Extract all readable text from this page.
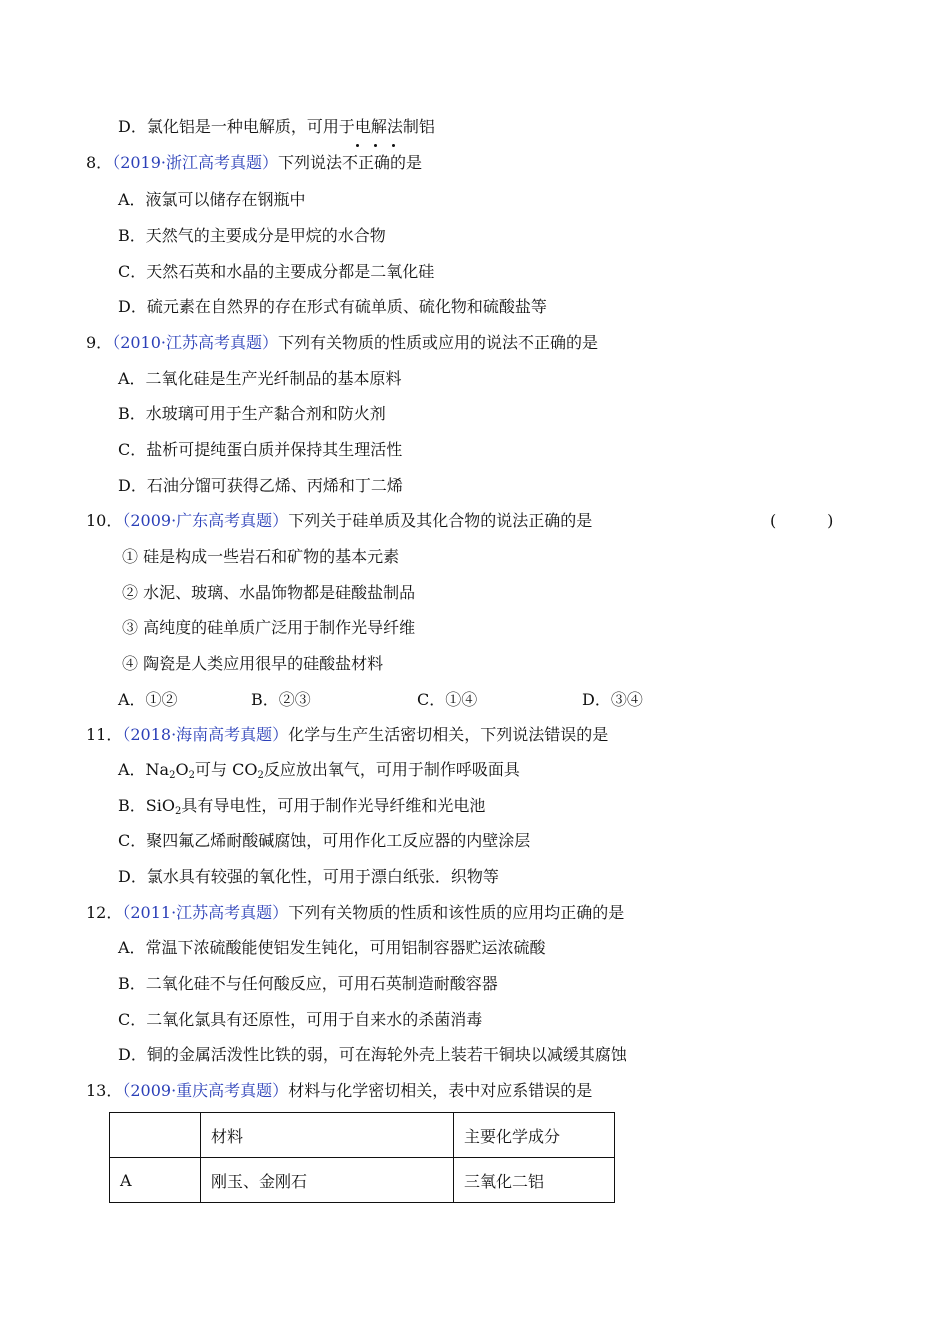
D．氯化铝是一种电解质，可用于电解法制铝
8．（2019·浙江高考真题）下列说法不正确的是
A．液氯可以储存在钢瓶中
B．天然气的主要成分是甲烷的水合物
C．天然石英和水晶的主要成分都是二氧化硅
D．硫元素在自然界的存在形式有硫单质、硫化物和硫酸盐等
9．（2010·江苏高考真题）下列有关物质的性质或应用的说法不正确的是
A．二氧化硅是生产光纤制品的基本原料
B．水玻璃可用于生产黏合剂和防火剂
C．盐析可提纯蛋白质并保持其生理活性
D．石油分馏可获得乙烯、丙烯和丁二烯
10．（2009·广东高考真题）下列关于硅单质及其化合物的说法正确的是	(          )
① 硅是构成一些岩石和矿物的基本元素
② 水泥、玻璃、水晶饰物都是硅酸盐制品
③ 高纯度的硅单质广泛用于制作光导纤维
④ 陶瓷是人类应用很早的硅酸盐材料
A．①②	B．②③	C．①④	D．③④
11．（2018·海南高考真题）化学与生产生活密切相关，下列说法错误的是
A．$Na_2O_2$可与 $CO_2$反应放出氧气，可用于制作呼吸面具
B．SiO$_2$具有导电性，可用于制作光导纤维和光电池
C．聚四氟乙烯耐酸碱腐蚀，可用作化工反应器的内壁涂层
D．氯水具有较强的氧化性，可用于漂白纸张．织物等
12．（2011·江苏高考真题）下列有关物质的性质和该性质的应用均正确的是
A．常温下浓硫酸能使铝发生钝化，可用铝制容器贮运浓硫酸
B．二氧化硅不与任何酸反应，可用石英制造耐酸容器
C．二氧化氯具有还原性，可用于自来水的杀菌消毒
D．铜的金属活泼性比铁的弱，可在海轮外壳上装若干铜块以减缓其腐蚀
13．（2009·重庆高考真题）材料与化学密切相关，表中对应系错误的是
	材料	主要化学成分
A	刚玉、金刚石	三氧化二铝
